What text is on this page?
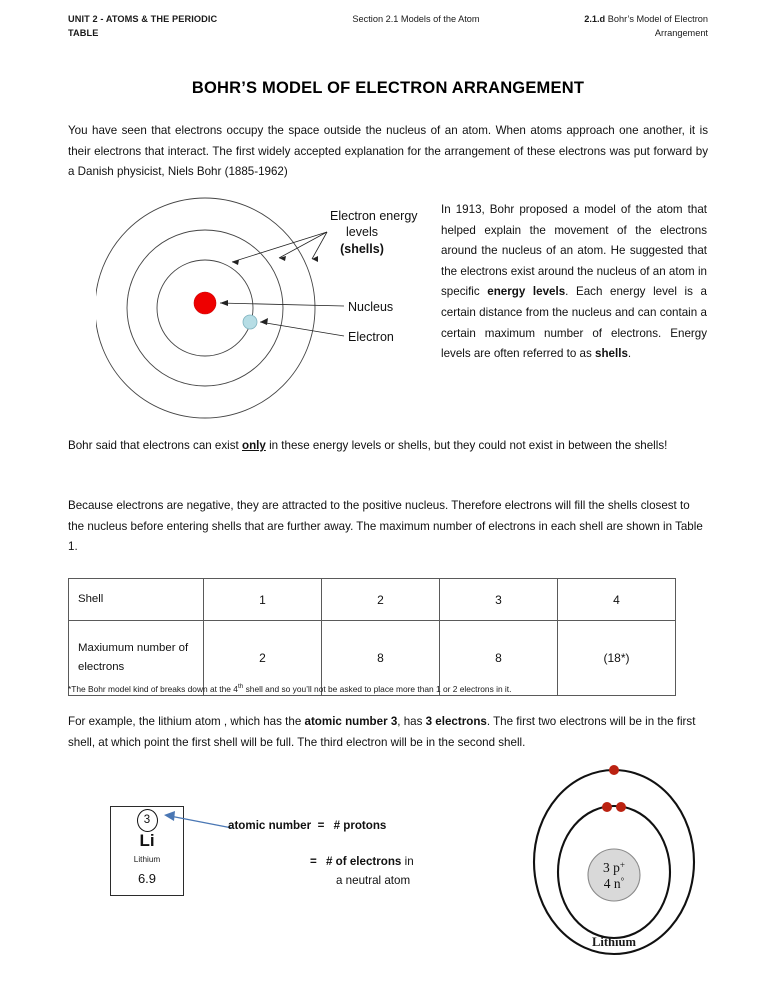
UNIT 2 - ATOMS & THE PERIODIC TABLE
Section 2.1 Models of the Atom	2.1.d Bohr’s Model of Electron Arrangement
BOHR’S MODEL OF ELECTRON ARRANGEMENT
You have seen that electrons occupy the space outside the nucleus of an atom. When atoms approach one another, it is their electrons that interact. The first widely accepted explanation for the arrangement of these electrons was put forward by a Danish physicist, Niels Bohr (1885-1962)
Electron energy
levels
(shells)
Nucleus
Electron
In 1913, Bohr proposed a model of the atom that helped explain the movement of the electrons around the nucleus of an atom. He suggested that the electrons exist around the nucleus of an atom in specific energy levels. Each energy level is a certain distance from the nucleus and can contain a certain maximum number of electrons. Energy levels are often referred to as shells.
Bohr said that electrons can exist only in these energy levels or shells, but they could not exist in between the shells!
Because electrons are negative, they are attracted to the positive nucleus. Therefore electrons will fill the shells closest to the nucleus before entering shells that are further away. The maximum number of electrons in each shell are shown in Table 1.
Shell	1	2	3	4
Maxiumum number of electrons	2	8	8	(18*)
*The Bohr model kind of breaks down at the 4th shell and so you’ll not be asked to place more than 1 or 2 electrons in it.
For example, the lithium atom , which has the atomic number 3, has 3 electrons. The first two electrons will be in the first shell, at which point the first shell will be full. The third electron will be in the second shell.
3
Li
Lithium
6.9
atomic number = # protons
= # of electrons in
a neutral atom
3 p+
4 n°
Lithium
